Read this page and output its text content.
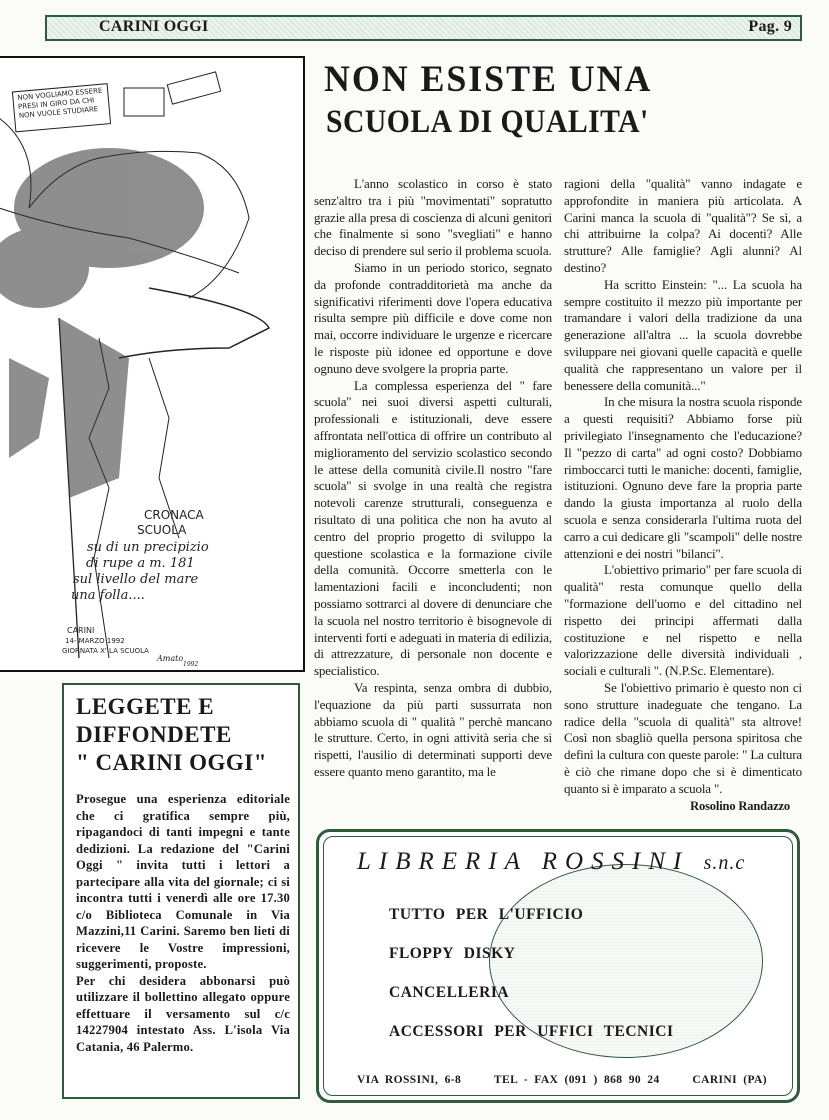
CARINI OGGI	Pag. 9
NON VOGLIAMO ESSERE PRESI IN GIRO DA CHI NON VUOLE STUDIARE
CRONACA
SCUOLA
su di un precipizio
di rupe a m. 181
sul livello del mare
una folla....
CARINI
14- MARZO 1992
GIORNATA X' LA SCUOLA
Amato
1992
NON ESISTE UNA
SCUOLA DI QUALITA'

L'anno scolastico in corso è stato senz'altro tra i più "movimentati" sopratutto grazie alla presa di coscienza di alcuni genitori che finalmente si sono "svegliati" e hanno deciso di prendere sul serio il problema scuola.

Siamo in un periodo storico, segnato da profonde contradditorietà ma anche da significativi riferimenti dove l'opera educativa risulta sempre più difficile e dove come non mai, occorre individuare le urgenze e ricercare le risposte più idonee ed opportune e dove ognuno deve svolgere la propria parte.

La complessa esperienza del " fare scuola" nei suoi diversi aspetti culturali, professionali e istituzionali, deve essere affrontata nell'ottica di offrire un contributo al miglioramento del servizio scolastico secondo le attese della comunità civile.Il nostro "fare scuola" si svolge in una realtà che registra notevoli carenze strutturali, conseguenza e risultato di una politica che non ha avuto al centro del proprio progetto di sviluppo la questione scolastica e la formazione civile della comunità. Occorre smetterla con le lamentazioni facili e inconcludenti; non possiamo sottrarci al dovere di denunciare che la scuola nel nostro territorio è bisognevole di interventi forti e adeguati in materia di edilizia, di attrezzature, di personale non docente e specialistico.

Va respinta, senza ombra di dubbio, l'equazione da più parti sussurrata non abbiamo scuola di " qualità " perchè mancano le strutture. Certo, in ogni attività seria che si rispetti, l'ausilio di determinati supporti deve essere quanto meno garantito, ma le

ragioni della "qualità" vanno indagate e approfondite in maniera più articolata. A Carini manca la scuola di "qualità"? Se sì, a chi attribuirne la colpa? Ai docenti? Alle strutture? Alle famiglie? Agli alunni? Al destino?

Ha scritto Einstein: "... La scuola ha sempre costituito il mezzo più importante per tramandare i valori della tradizione da una generazione all'altra ... la scuola dovrebbe sviluppare nei giovani quelle capacità e quelle qualità che rappresentano un valore per il benessere della comunità..."

In che misura la nostra scuola risponde a questi requisiti? Abbiamo forse più privilegiato l'insegnamento che l'educazione? Il "pezzo di carta" ad ogni costo? Dobbiamo rimboccarci tutti le maniche: docenti, famiglie, istituzioni. Ognuno deve fare la propria parte dando la giusta importanza al ruolo della scuola e senza considerarla l'ultima ruota del carro a cui dedicare gli "scampoli" delle nostre attenzioni e dei nostri "bilanci".

L'obiettivo primario" per fare scuola di qualità" resta comunque quello della "formazione dell'uomo e del cittadino nel rispetto dei principi affermati dalla costituzione e nel rispetto e nella valorizzazione delle diversità individuali , sociali e culturali ". (N.P.Sc. Elementare).

Se l'obiettivo primario è questo non ci sono strutture inadeguate che tengano. La radice della "scuola di qualità" sta altrove! Così non sbagliò quella persona spiritosa che definì la cultura con queste parole: " La cultura è ciò che rimane dopo che si è dimenticato quanto si è imparato a scuola ".

Rosolino Randazzo
LEGGETE E
DIFFONDETE
" CARINI OGGI"
Prosegue una esperienza editoriale che ci gratifica sempre più, ripagandoci di tanti impegni e tante dedizioni. La redazione del "Carini Oggi " invita tutti i lettori a partecipare alla vita del giornale; ci si incontra tutti i venerdì alle ore 17.30 c/o Biblioteca Comunale in Via Mazzini,11 Carini. Saremo ben lieti di ricevere le Vostre impressioni, suggerimenti, proposte.
Per chi desidera abbonarsi può utilizzare il bollettino allegato oppure effettuare il versamento sul c/c 14227904 intestato Ass. L'isola Via Catania, 46 Palermo.
LIBRERIA ROSSINI s.n.c
TUTTO PER L'UFFICIO
FLOPPY DISKY
CANCELLERIA
ACCESSORI PER UFFICI TECNICI
VIA ROSSINI, 6-8	TEL - FAX (091 ) 868 90 24	CARINI (PA)
